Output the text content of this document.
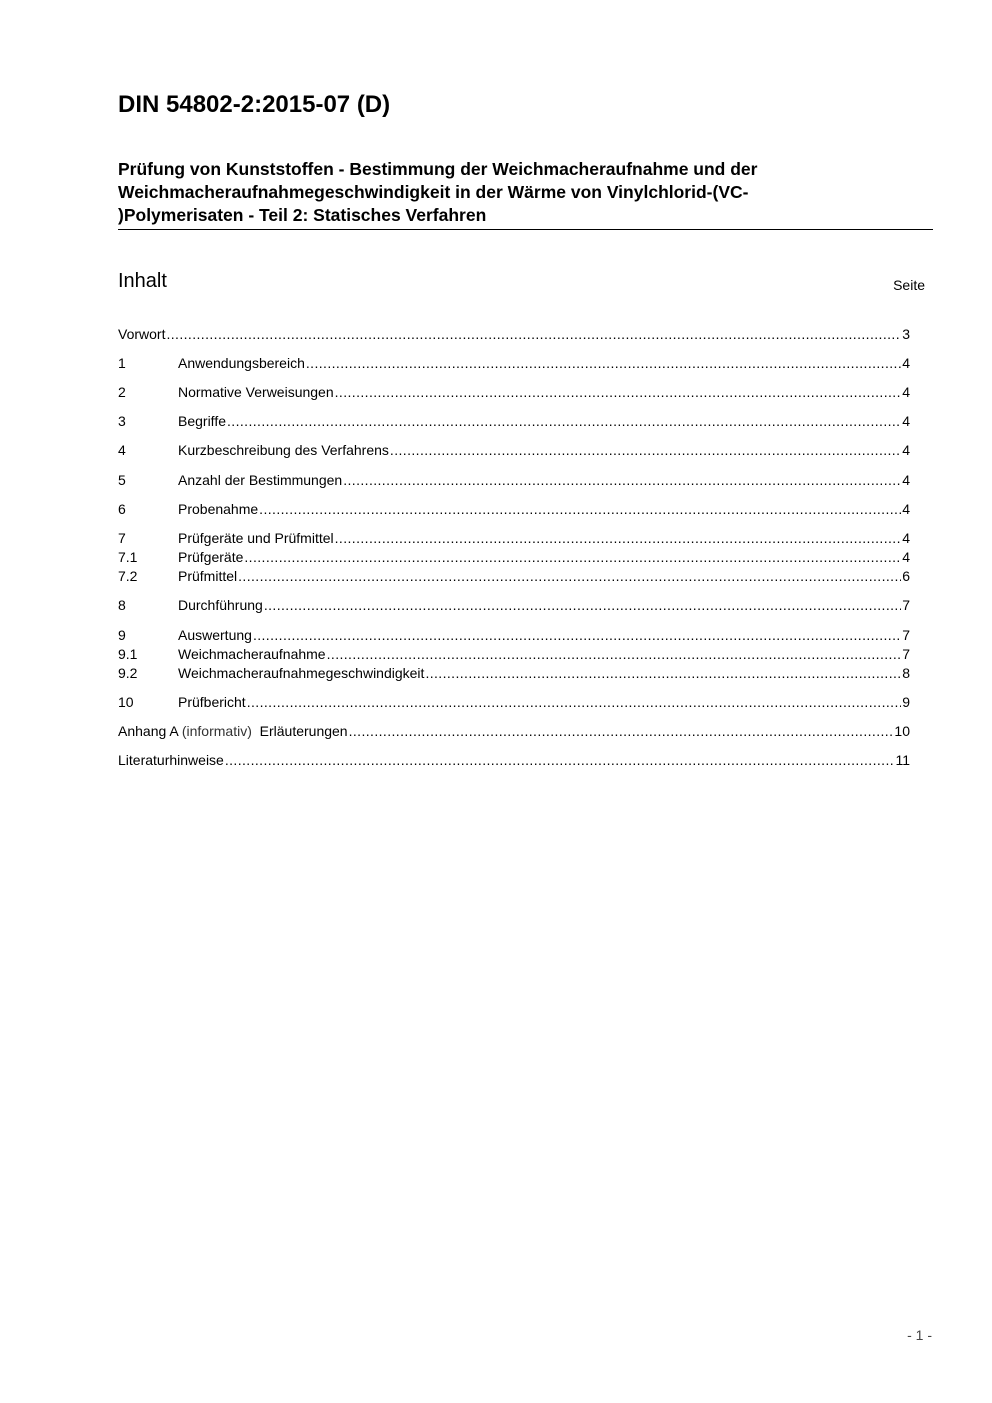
DIN 54802-2:2015-07 (D)
Prüfung von Kunststoffen - Bestimmung der Weichmacheraufnahme und der
Weichmacheraufnahmegeschwindigkeit in der Wärme von Vinylchlorid-(VC-
)Polymerisaten - Teil 2: Statisches Verfahren
Inhalt	Seite
Vorwort .....	3
1	Anwendungsbereich .....	4
2	Normative Verweisungen .....	4
3	Begriffe .....	4
4	Kurzbeschreibung des Verfahrens .....	4
5	Anzahl der Bestimmungen .....	4
6	Probenahme .....	4
7	Prüfgeräte und Prüfmittel .....	4
7.1	Prüfgeräte .....	4
7.2	Prüfmittel .....	6
8	Durchführung .....	7
9	Auswertung .....	7
9.1	Weichmacheraufnahme .....	7
9.2	Weichmacheraufnahmegeschwindigkeit .....	8
10	Prüfbericht .....	9
Anhang A (informativ) Erläuterungen .....	10
Literaturhinweise .....	11
- 1 -
